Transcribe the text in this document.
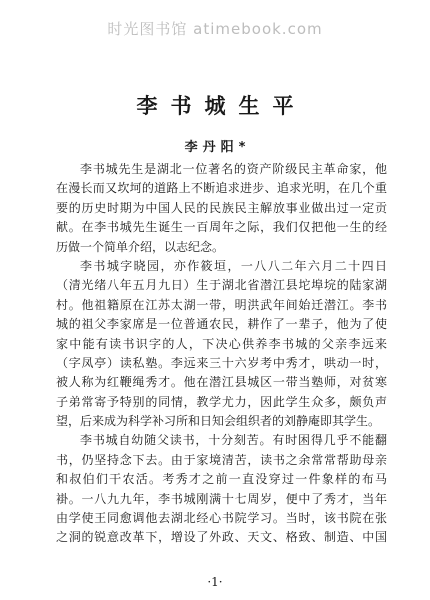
时光图书馆 atimebook.com
李书城生平
李丹阳*
李书城先生是湖北一位著名的资产阶级民主革命家，他
在漫长而又坎坷的道路上不断追求进步、追求光明，在几个重
要的历史时期为中国人民的民族民主解放事业做出过一定贡
献。在李书城先生诞生一百周年之际，我们仅把他一生的经
历做一个简单介绍，以志纪念。
李书城字晓园，亦作筱垣，一八八二年六月二十四日
（清光绪八年五月九日）生于湖北省潜江县坨埠垸的陆家湖
村。他祖籍原在江苏太湖一带，明洪武年间始迁潜江。李书
城的祖父李家席是一位普通农民，耕作了一辈子，他为了使
家中能有读书识字的人，下决心供养李书城的父亲李远来
（字凤亭）读私塾。李远来三十六岁考中秀才，哄动一时，
被人称为红鞭绳秀才。他在潜江县城区一带当塾师，对贫寒
子弟常寄予特别的同情，教学尤力，因此学生众多，颇负声
望，后来成为科学补习所和日知会组织者的刘静庵即其学生。
李书城自幼随父读书，十分刻苦。有时困得几乎不能翻
书，仍坚持念下去。由于家境清苦，读书之余常常帮助母亲
和叔伯们干农活。考秀才之前一直没穿过一件象样的布马
褂。一八九九年，李书城刚满十七周岁，便中了秀才，当年
由学使王同愈调他去湖北经心书院学习。当时，该书院在张
之洞的锐意改革下，增设了外政、天文、格致、制造、中国
·1·
